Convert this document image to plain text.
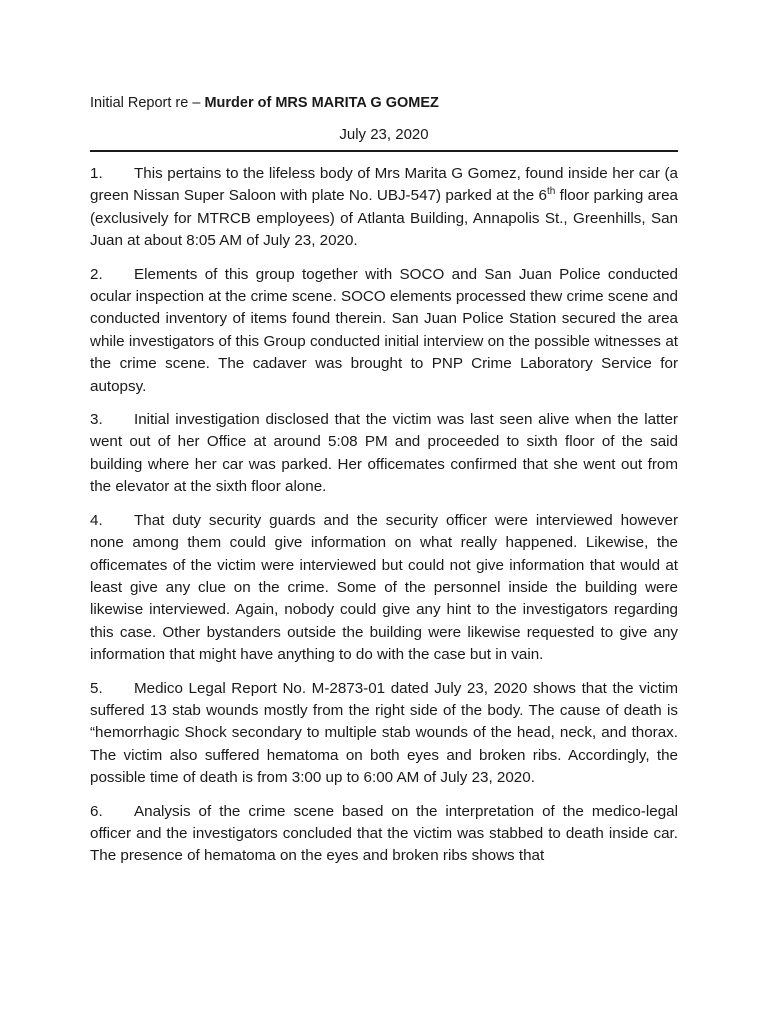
Initial Report re – Murder of MRS MARITA G GOMEZ

July 23, 2020

1. This pertains to the lifeless body of Mrs Marita G Gomez, found inside her car (a green Nissan Super Saloon with plate No. UBJ-547) parked at the 6th floor parking area (exclusively for MTRCB employees) of Atlanta Building, Annapolis St., Greenhills, San Juan at about 8:05 AM of July 23, 2020.

2. Elements of this group together with SOCO and San Juan Police conducted ocular inspection at the crime scene. SOCO elements processed thew crime scene and conducted inventory of items found therein. San Juan Police Station secured the area while investigators of this Group conducted initial interview on the possible witnesses at the crime scene. The cadaver was brought to PNP Crime Laboratory Service for autopsy.

3. Initial investigation disclosed that the victim was last seen alive when the latter went out of her Office at around 5:08 PM and proceeded to sixth floor of the said building where her car was parked. Her officemates confirmed that she went out from the elevator at the sixth floor alone.

4. That duty security guards and the security officer were interviewed however none among them could give information on what really happened. Likewise, the officemates of the victim were interviewed but could not give information that would at least give any clue on the crime. Some of the personnel inside the building were likewise interviewed. Again, nobody could give any hint to the investigators regarding this case. Other bystanders outside the building were likewise requested to give any information that might have anything to do with the case but in vain.

5. Medico Legal Report No. M-2873-01 dated July 23, 2020 shows that the victim suffered 13 stab wounds mostly from the right side of the body. The cause of death is “hemorrhagic Shock secondary to multiple stab wounds of the head, neck, and thorax. The victim also suffered hematoma on both eyes and broken ribs. Accordingly, the possible time of death is from 3:00 up to 6:00 AM of July 23, 2020.

6. Analysis of the crime scene based on the interpretation of the medico-legal officer and the investigators concluded that the victim was stabbed to death inside car. The presence of hematoma on the eyes and broken ribs shows that
